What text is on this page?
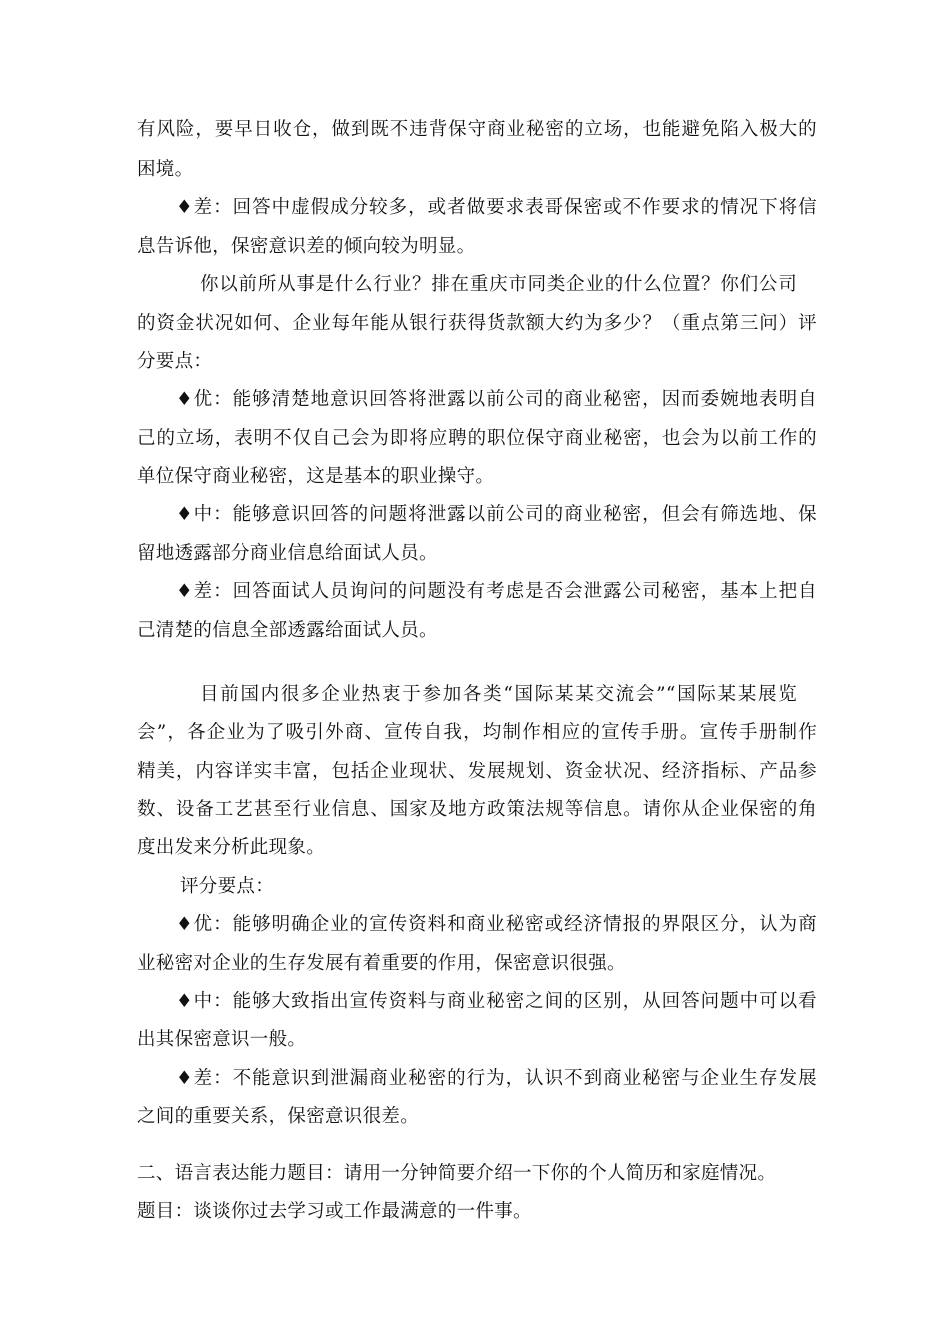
有风险，要早日收仓，做到既不违背保守商业秘密的立场，也能避免陷入极大的
困境。
♦差：回答中虚假成分较多，或者做要求表哥保密或不作要求的情况下将信
息告诉他，保密意识差的倾向较为明显。
你以前所从事是什么行业？排在重庆市同类企业的什么位置？你们公司
的资金状况如何、企业每年能从银行获得货款额大约为多少？（重点第三问）评
分要点：
♦优：能够清楚地意识回答将泄露以前公司的商业秘密，因而委婉地表明自
己的立场，表明不仅自己会为即将应聘的职位保守商业秘密，也会为以前工作的
单位保守商业秘密，这是基本的职业操守。
♦中：能够意识回答的问题将泄露以前公司的商业秘密，但会有筛选地、保
留地透露部分商业信息给面试人员。
♦差：回答面试人员询问的问题没有考虑是否会泄露公司秘密，基本上把自
己清楚的信息全部透露给面试人员。
目前国内很多企业热衷于参加各类“国际某某交流会”“国际某某展览
会”，各企业为了吸引外商、宣传自我，均制作相应的宣传手册。宣传手册制作
精美，内容详实丰富，包括企业现状、发展规划、资金状况、经济指标、产品参
数、设备工艺甚至行业信息、国家及地方政策法规等信息。请你从企业保密的角
度出发来分析此现象。
评分要点：
♦优：能够明确企业的宣传资料和商业秘密或经济情报的界限区分，认为商
业秘密对企业的生存发展有着重要的作用，保密意识很强。
♦中：能够大致指出宣传资料与商业秘密之间的区别，从回答问题中可以看
出其保密意识一般。
♦差：不能意识到泄漏商业秘密的行为，认识不到商业秘密与企业生存发展
之间的重要关系，保密意识很差。
二、语言表达能力题目：请用一分钟简要介绍一下你的个人简历和家庭情况。
题目：谈谈你过去学习或工作最满意的一件事。
